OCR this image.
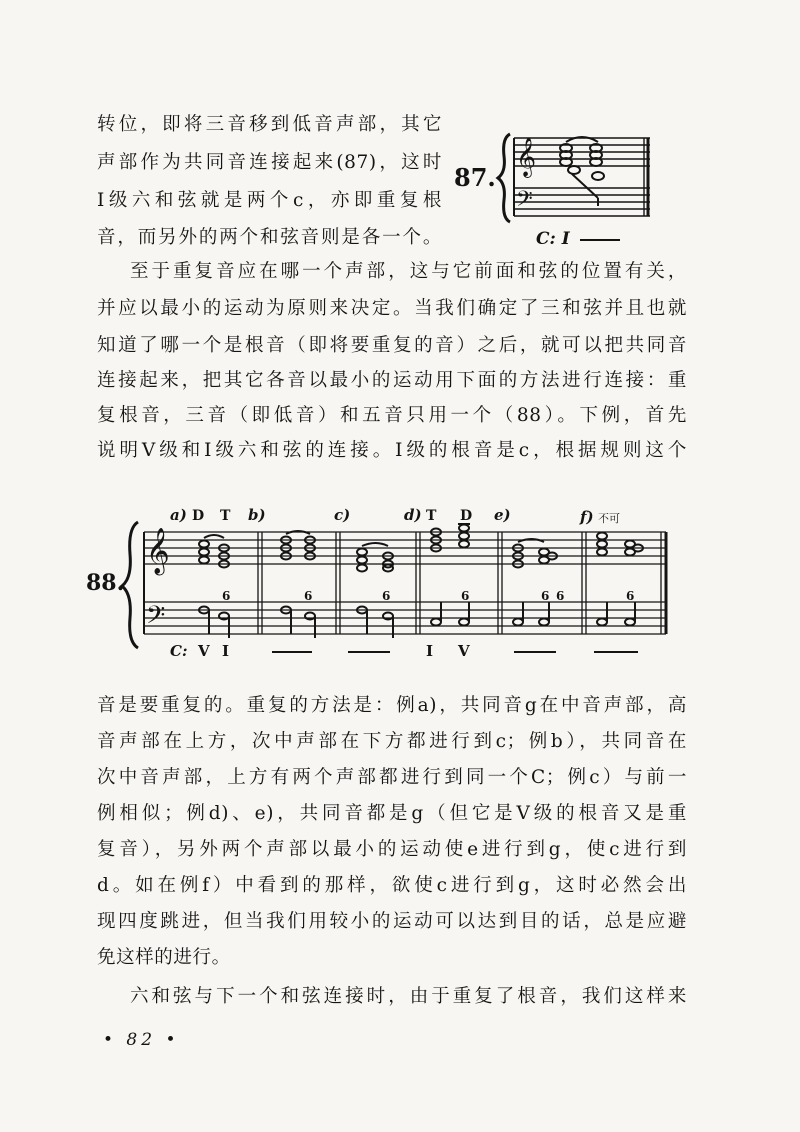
转位，即将三音移到低音声部，其它
声部作为共同音连接起来(87)，这时
Ⅰ级六和弦就是两个c，亦即重复根
音，而另外的两个和弦音则是各一个。
87.
𝄞
𝄢
C: I
至于重复音应在哪一个声部，这与它前面和弦的位置有关，
并应以最小的运动为原则来决定。当我们确定了三和弦并且也就
知道了哪一个是根音（即将要重复的音）之后，就可以把共同音
连接起来，把其它各音以最小的运动用下面的方法进行连接：重
复根音，三音（即低音）和五音只用一个（88）。下例，首先
说明Ⅴ级和Ⅰ级六和弦的连接。Ⅰ级的根音是c，根据规则这个
88.
𝄞
𝄢
a)	b)	c)	d)	e)	f)
D T	T D	不可
6	6	6	6	6	6
6
C: V I	I V
音是要重复的。重复的方法是：例a)，共同音g在中音声部，高
音声部在上方，次中声部在下方都进行到c；例b），共同音在
次中音声部，上方有两个声部都进行到同一个C；例c）与前一
例相似；例d)、e)，共同音都是g（但它是Ⅴ级的根音又是重
复音），另外两个声部以最小的运动使e进行到g，使c进行到
d。如在例f）中看到的那样，欲使c进行到g，这时必然会出
现四度跳进，但当我们用较小的运动可以达到目的话，总是应避
免这样的进行。
六和弦与下一个和弦连接时，由于重复了根音，我们这样来
• 82 •
